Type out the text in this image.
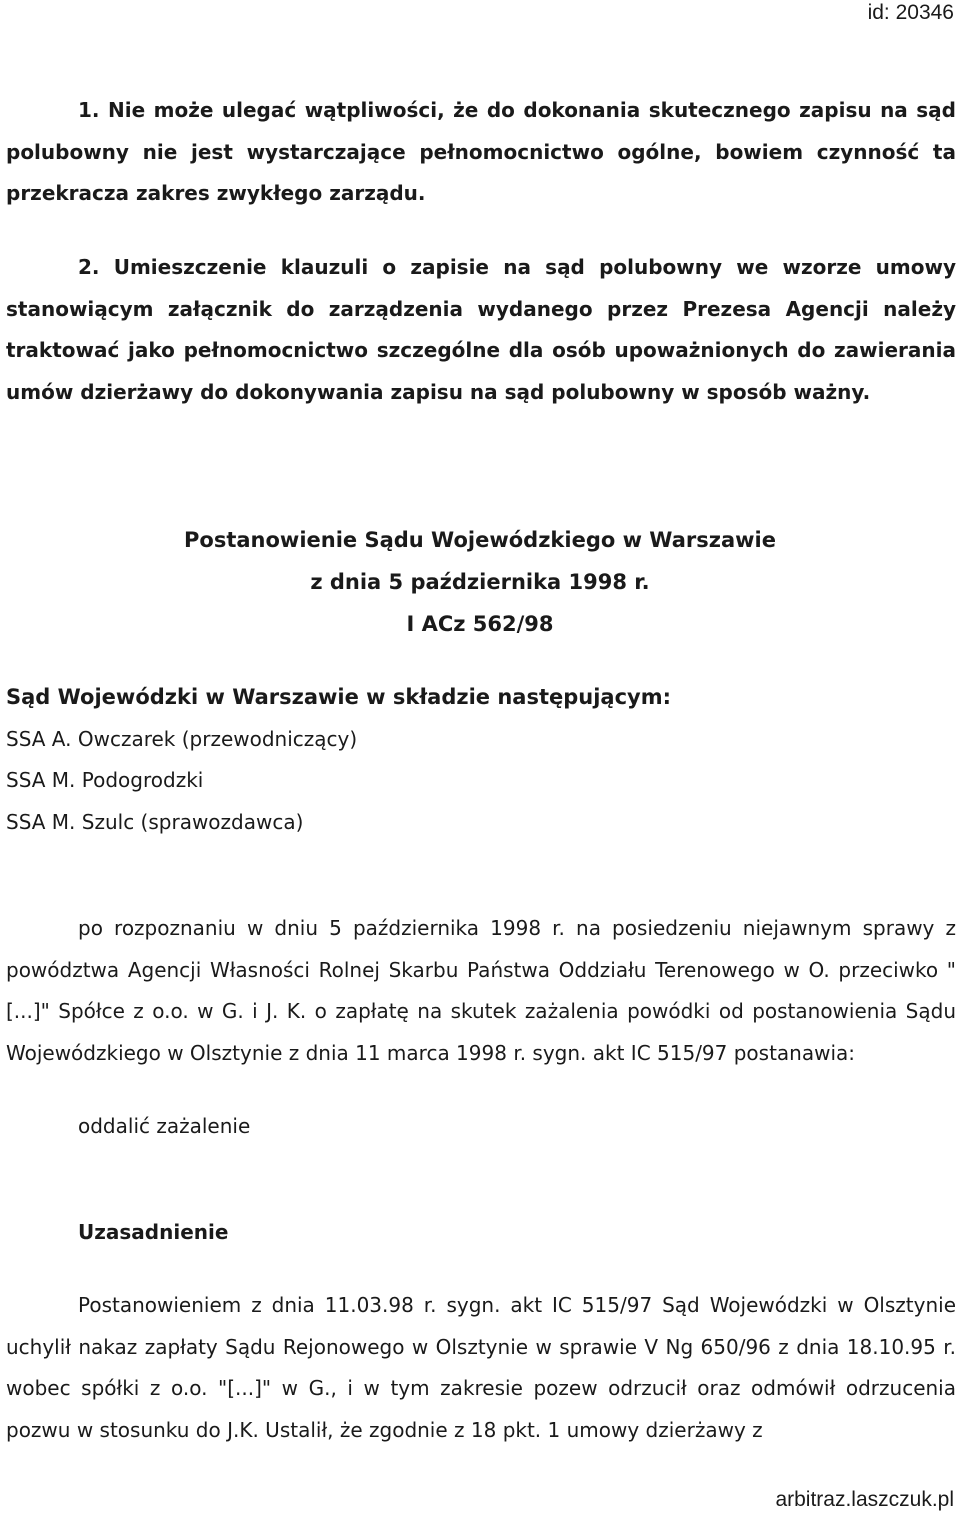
id: 20346

1. Nie może ulegać wątpliwości, że do dokonania skutecznego zapisu na sąd polubowny nie jest wystarczające pełnomocnictwo ogólne, bowiem czynność ta przekracza zakres zwykłego zarządu.

2. Umieszczenie klauzuli o zapisie na sąd polubowny we wzorze umowy stanowiącym załącznik do zarządzenia wydanego przez Prezesa Agencji należy traktować jako pełnomocnictwo szczególne dla osób upoważnionych do zawierania umów dzierżawy do dokonywania zapisu na sąd polubowny w sposób ważny.

Postanowienie Sądu Wojewódzkiego w Warszawie
z dnia 5 października 1998 r.
I ACz 562/98
Sąd Wojewódzki w Warszawie w składzie następującym:
SSA A. Owczarek (przewodniczący)
SSA M. Podogrodzki
SSA M. Szulc (sprawozdawca)

po rozpoznaniu w dniu 5 października 1998 r. na posiedzeniu niejawnym sprawy z powództwa Agencji Własności Rolnej Skarbu Państwa Oddziału Terenowego w O. przeciwko "[...]" Spółce z o.o. w G. i J. K. o zapłatę na skutek zażalenia powódki od postanowienia Sądu Wojewódzkiego w Olsztynie z dnia 11 marca 1998 r. sygn. akt IC 515/97 postanawia:

oddalić zażalenie
Uzasadnienie

Postanowieniem z dnia 11.03.98 r. sygn. akt IC 515/97 Sąd Wojewódzki w Olsztynie uchylił nakaz zapłaty Sądu Rejonowego w Olsztynie w sprawie V Ng 650/96 z dnia 18.10.95 r. wobec spółki z o.o. "[...]" w G., i w tym zakresie pozew odrzucił oraz odmówił odrzucenia pozwu w stosunku do J.K. Ustalił, że zgodnie z 18 pkt. 1 umowy dzierżawy z

arbitraz.laszczuk.pl
